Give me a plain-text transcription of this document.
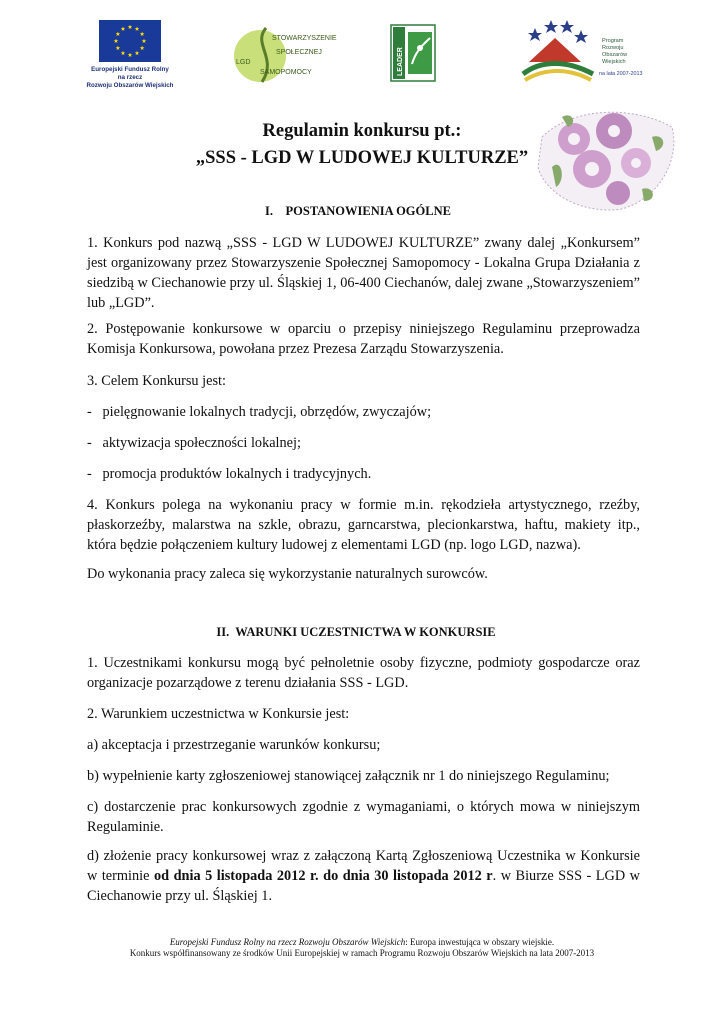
Europejski Fundusz Rolny
na rzecz
Rozwoju Obszarów Wiejskich
STOWARZYSZENIE
SPOŁECZNEJ
LGD
SAMOPOMOCY	LEADER
Program
Rozwoju
Obszarów
Wiejskich
na lata 2007-2013
Regulamin konkursu pt.:
„SSS - LGD W LUDOWEJ KULTURZE”
I.    POSTANOWIENIA OGÓLNE

1. Konkurs pod nazwą „SSS - LGD W LUDOWEJ KULTURZE” zwany dalej „Konkursem” jest organizowany przez Stowarzyszenie Społecznej Samopomocy - Lokalna Grupa Działania z siedzibą w Ciechanowie przy ul. Śląskiej 1, 06-400 Ciechanów, dalej zwane „Stowarzyszeniem” lub „LGD”.

2. Postępowanie konkursowe w oparciu o przepisy niniejszego Regulaminu przeprowadza Komisja Konkursowa, powołana przez Prezesa Zarządu Stowarzyszenia.

3. Celem Konkursu jest:

-   pielęgnowanie lokalnych tradycji, obrzędów, zwyczajów;

-   aktywizacja społeczności lokalnej;

-   promocja produktów lokalnych i tradycyjnych.

4. Konkurs polega na wykonaniu pracy w formie m.in. rękodzieła artystycznego, rzeźby, płaskorzeźby, malarstwa na szkle, obrazu, garncarstwa, plecionkarstwa, haftu, makiety itp., która będzie połączeniem kultury ludowej z elementami LGD (np. logo LGD, nazwa).

Do wykonania pracy zaleca się wykorzystanie naturalnych surowców.

II.  WARUNKI UCZESTNICTWA W KONKURSIE

1. Uczestnikami konkursu mogą być pełnoletnie osoby fizyczne, podmioty gospodarcze oraz organizacje pozarządowe z terenu działania SSS - LGD.

2. Warunkiem uczestnictwa w Konkursie jest:

a) akceptacja i przestrzeganie warunków konkursu;

b) wypełnienie karty zgłoszeniowej stanowiącej załącznik nr 1 do niniejszego Regulaminu;

c) dostarczenie prac konkursowych zgodnie z wymaganiami, o których mowa w niniejszym Regulaminie.

d) złożenie pracy konkursowej wraz z załączoną Kartą Zgłoszeniową Uczestnika w Konkursie w terminie od dnia 5 listopada 2012 r. do dnia 30 listopada 2012 r. w Biurze SSS - LGD w Ciechanowie przy ul. Śląskiej 1.

Europejski Fundusz Rolny na rzecz Rozwoju Obszarów Wiejskich: Europa inwestująca w obszary wiejskie.
Konkurs współfinansowany ze środków Unii Europejskiej w ramach Programu Rozwoju Obszarów Wiejskich na lata 2007-2013
